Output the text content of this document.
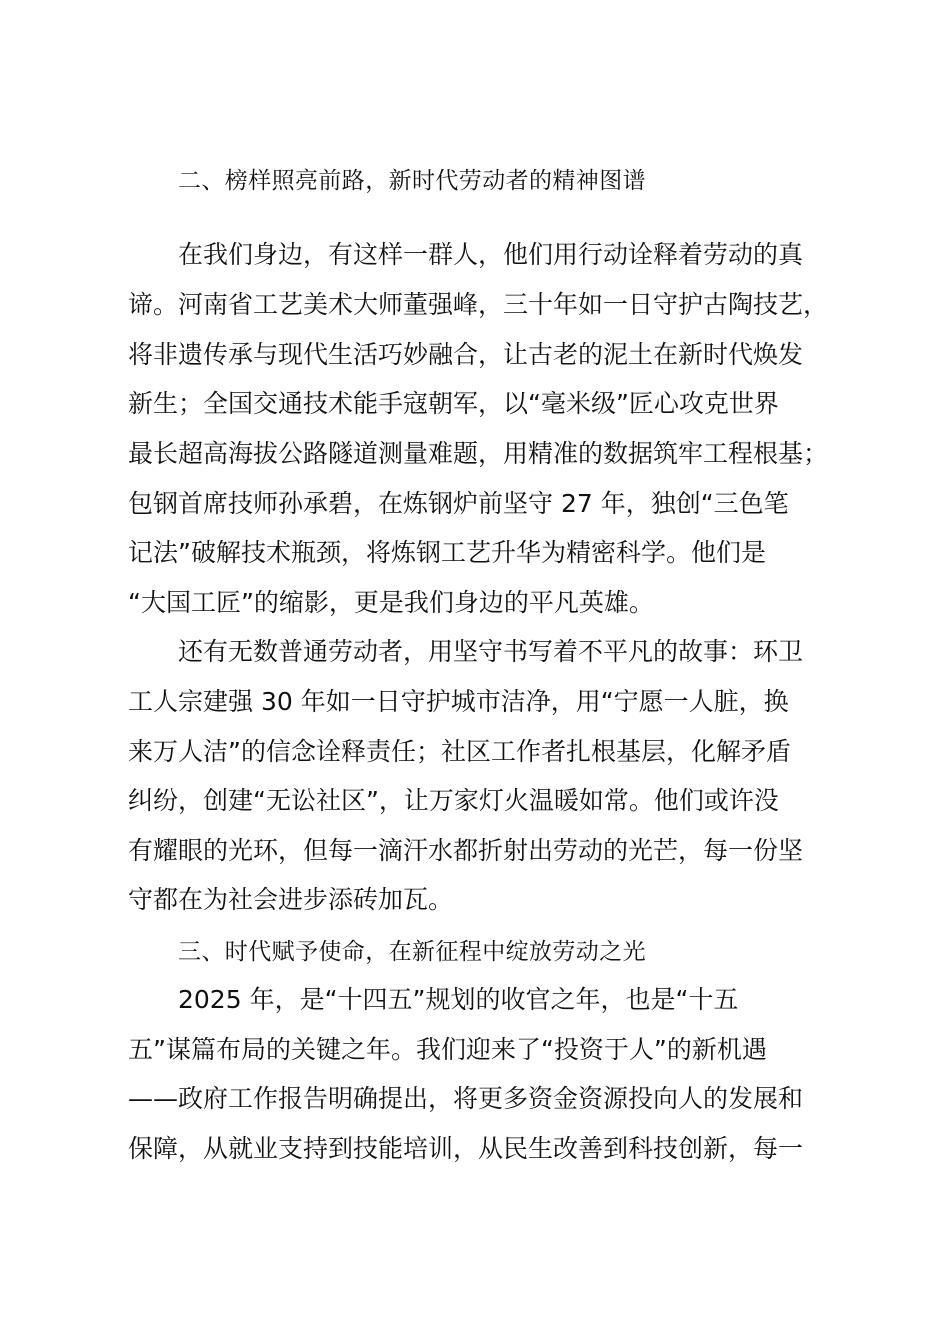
二、榜样照亮前路，新时代劳动者的精神图谱
在我们身边，有这样一群人，他们用行动诠释着劳动的真
谛。河南省工艺美术大师董强峰，三十年如一日守护古陶技艺，
将非遗传承与现代生活巧妙融合，让古老的泥土在新时代焕发
新生；全国交通技术能手寇朝军，以“毫米级”匠心攻克世界
最长超高海拔公路隧道测量难题，用精准的数据筑牢工程根基；
包钢首席技师孙承碧，在炼钢炉前坚守 27 年，独创“三色笔
记法”破解技术瓶颈，将炼钢工艺升华为精密科学。他们是
“大国工匠”的缩影，更是我们身边的平凡英雄。
还有无数普通劳动者，用坚守书写着不平凡的故事：环卫
工人宗建强 30 年如一日守护城市洁净，用“宁愿一人脏，换
来万人洁”的信念诠释责任；社区工作者扎根基层，化解矛盾
纠纷，创建“无讼社区”，让万家灯火温暖如常。他们或许没
有耀眼的光环，但每一滴汗水都折射出劳动的光芒，每一份坚
守都在为社会进步添砖加瓦。
三、时代赋予使命，在新征程中绽放劳动之光
2025 年，是“十四五”规划的收官之年，也是“十五
五”谋篇布局的关键之年。我们迎来了“投资于人”的新机遇
——政府工作报告明确提出，将更多资金资源投向人的发展和
保障，从就业支持到技能培训，从民生改善到科技创新，每一
